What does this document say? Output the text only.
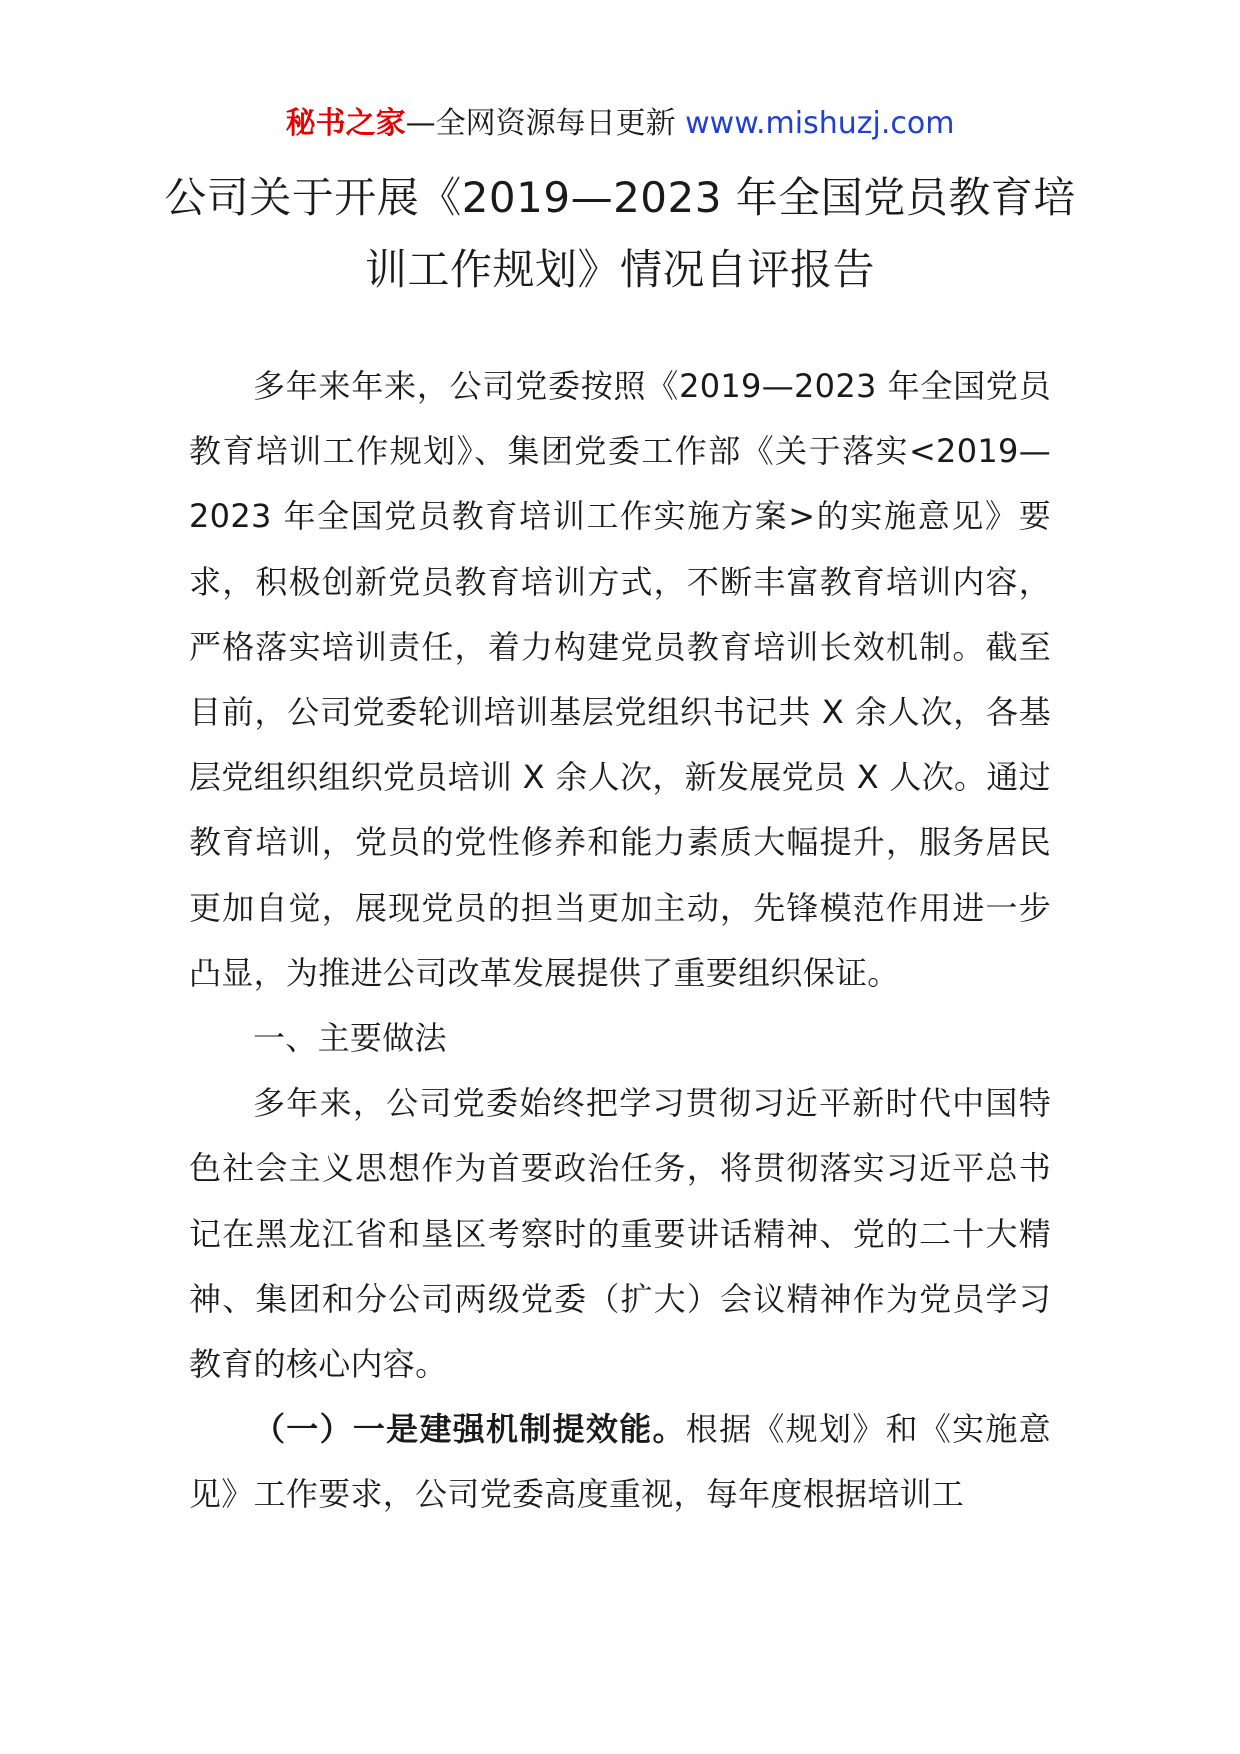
秘书之家—全网资源每日更新 www.mishuzj.com
公司关于开展《2019—2023 年全国党员教育培
训工作规划》情况自评报告

多年来年来，公司党委按照《2019—2023 年全国党员教育培训工作规划》、集团党委工作部《关于落实<2019—2023 年全国党员教育培训工作实施方案>的实施意见》要求，积极创新党员教育培训方式，不断丰富教育培训内容，严格落实培训责任，着力构建党员教育培训长效机制。截至目前，公司党委轮训培训基层党组织书记共 X 余人次，各基层党组织组织党员培训 X 余人次，新发展党员 X 人次。通过教育培训，党员的党性修养和能力素质大幅提升，服务居民更加自觉，展现党员的担当更加主动，先锋模范作用进一步凸显，为推进公司改革发展提供了重要组织保证。

一、主要做法

多年来，公司党委始终把学习贯彻习近平新时代中国特色社会主义思想作为首要政治任务，将贯彻落实习近平总书记在黑龙江省和垦区考察时的重要讲话精神、党的二十大精神、集团和分公司两级党委（扩大）会议精神作为党员学习教育的核心内容。

（一）一是建强机制提效能。根据《规划》和《实施意见》工作要求，公司党委高度重视，每年度根据培训工
